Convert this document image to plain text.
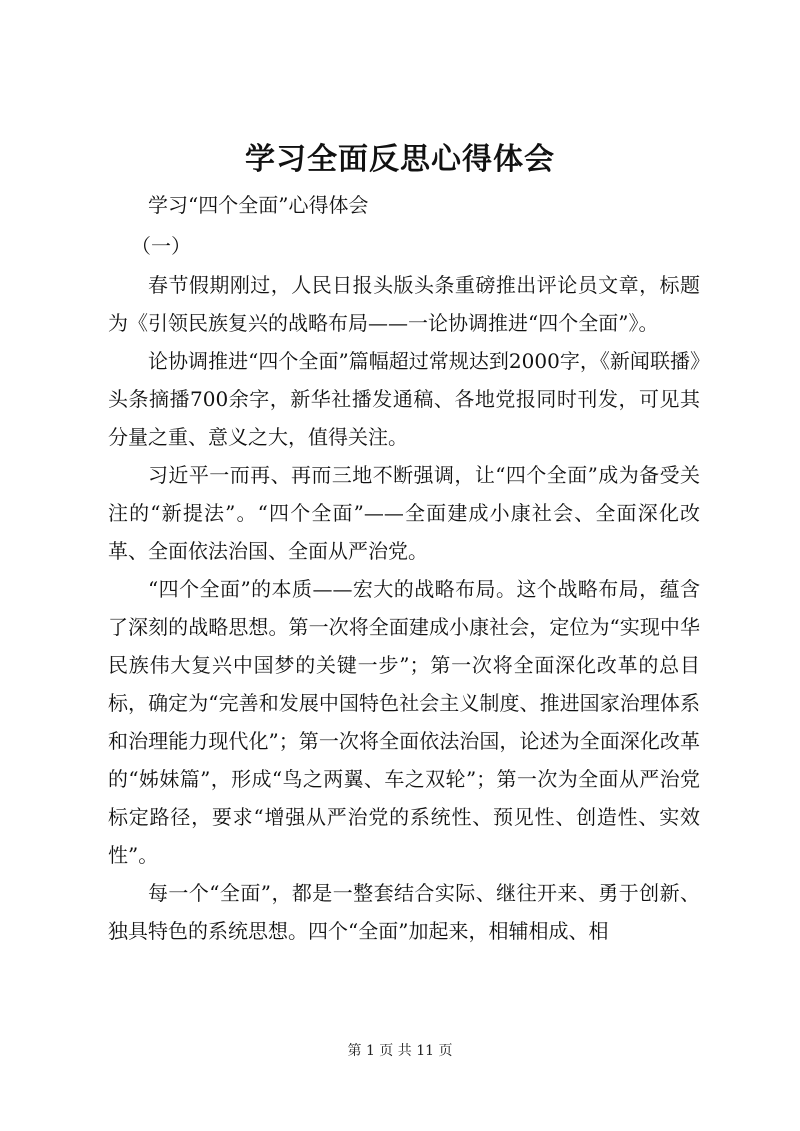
学习全面反思心得体会
学习“四个全面”心得体会
（一）

春节假期刚过，人民日报头版头条重磅推出评论员文章，标题为《引领民族复兴的战略布局——一论协调推进“四个全面”》。

论协调推进“四个全面”篇幅超过常规达到2000字，《新闻联播》头条摘播700余字，新华社播发通稿、各地党报同时刊发，可见其分量之重、意义之大，值得关注。

习近平一而再、再而三地不断强调，让“四个全面”成为备受关注的“新提法”。“四个全面”——全面建成小康社会、全面深化改革、全面依法治国、全面从严治党。

“四个全面”的本质——宏大的战略布局。这个战略布局，蕴含了深刻的战略思想。第一次将全面建成小康社会，定位为“实现中华民族伟大复兴中国梦的关键一步”；第一次将全面深化改革的总目标，确定为“完善和发展中国特色社会主义制度、推进国家治理体系和治理能力现代化”；第一次将全面依法治国，论述为全面深化改革的“姊妹篇”，形成“鸟之两翼、车之双轮”；第一次为全面从严治党标定路径，要求“增强从严治党的系统性、预见性、创造性、实效性”。

每一个“全面”，都是一整套结合实际、继往开来、勇于创新、独具特色的系统思想。四个“全面”加起来，相辅相成、相

第 1 页 共 11 页
